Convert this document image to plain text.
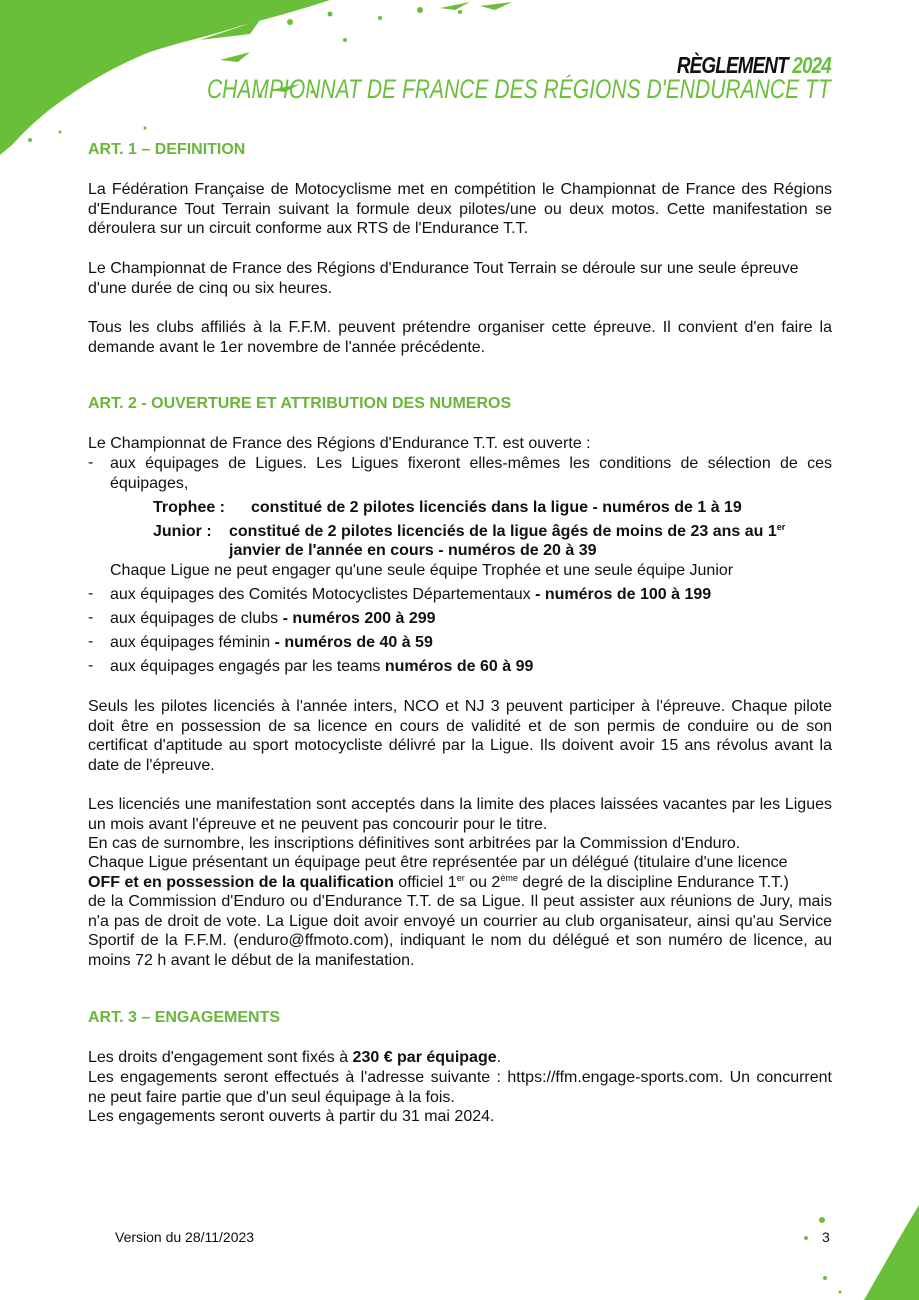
RÈGLEMENT 2024
CHAMPIONNAT DE FRANCE DES RÉGIONS D'ENDURANCE TT
ART. 1 – DEFINITION
La Fédération Française de Motocyclisme met en compétition le Championnat de France des Régions d'Endurance Tout Terrain suivant la formule deux pilotes/une ou deux motos. Cette manifestation se déroulera sur un circuit conforme aux RTS de l'Endurance T.T.
Le Championnat de France des Régions d'Endurance Tout Terrain se déroule sur une seule épreuve d'une durée de cinq ou six heures.
Tous les clubs affiliés à la F.F.M. peuvent prétendre organiser cette épreuve. Il convient d'en faire la demande avant le 1er novembre de l'année précédente.
ART. 2 - OUVERTURE ET ATTRIBUTION DES NUMEROS
Le Championnat de France des Régions d'Endurance T.T. est ouverte :
- aux équipages de Ligues. Les Ligues fixeront elles-mêmes les conditions de sélection de ces équipages,
Trophee : constitué de 2 pilotes licenciés dans la ligue - numéros de 1 à 19
Junior : constitué de 2 pilotes licenciés de la ligue âgés de moins de 23 ans au 1er
janvier de l'année en cours - numéros de 20 à 39
Chaque Ligue ne peut engager qu'une seule équipe Trophée et une seule équipe Junior
- aux équipages des Comités Motocyclistes Départementaux - numéros de 100 à 199
- aux équipages de clubs - numéros 200 à 299
- aux équipages féminin - numéros de 40 à 59
- aux équipages engagés par les teams numéros de 60 à 99
Seuls les pilotes licenciés à l'année inters, NCO et NJ 3 peuvent participer à l'épreuve. Chaque pilote doit être en possession de sa licence en cours de validité et de son permis de conduire ou de son certificat d'aptitude au sport motocycliste délivré par la Ligue. Ils doivent avoir 15 ans révolus avant la date de l'épreuve.
Les licenciés une manifestation sont acceptés dans la limite des places laissées vacantes par les Ligues un mois avant l'épreuve et ne peuvent pas concourir pour le titre.
En cas de surnombre, les inscriptions définitives sont arbitrées par la Commission d'Enduro.
Chaque Ligue présentant un équipage peut être représentée par un délégué (titulaire d'une licence
OFF et en possession de la qualification officiel 1er ou 2ème degré de la discipline Endurance T.T.)
de la Commission d'Enduro ou d'Endurance T.T. de sa Ligue. Il peut assister aux réunions de Jury, mais n'a pas de droit de vote. La Ligue doit avoir envoyé un courrier au club organisateur, ainsi qu'au Service Sportif de la F.F.M. (enduro@ffmoto.com), indiquant le nom du délégué et son numéro de licence, au moins 72 h avant le début de la manifestation.
ART. 3 – ENGAGEMENTS
Les droits d'engagement sont fixés à 230 € par équipage.
Les engagements seront effectués à l'adresse suivante : https://ffm.engage-sports.com. Un concurrent ne peut faire partie que d'un seul équipage à la fois.
Les engagements seront ouverts à partir du 31 mai 2024.
Version du 28/11/2023	3
